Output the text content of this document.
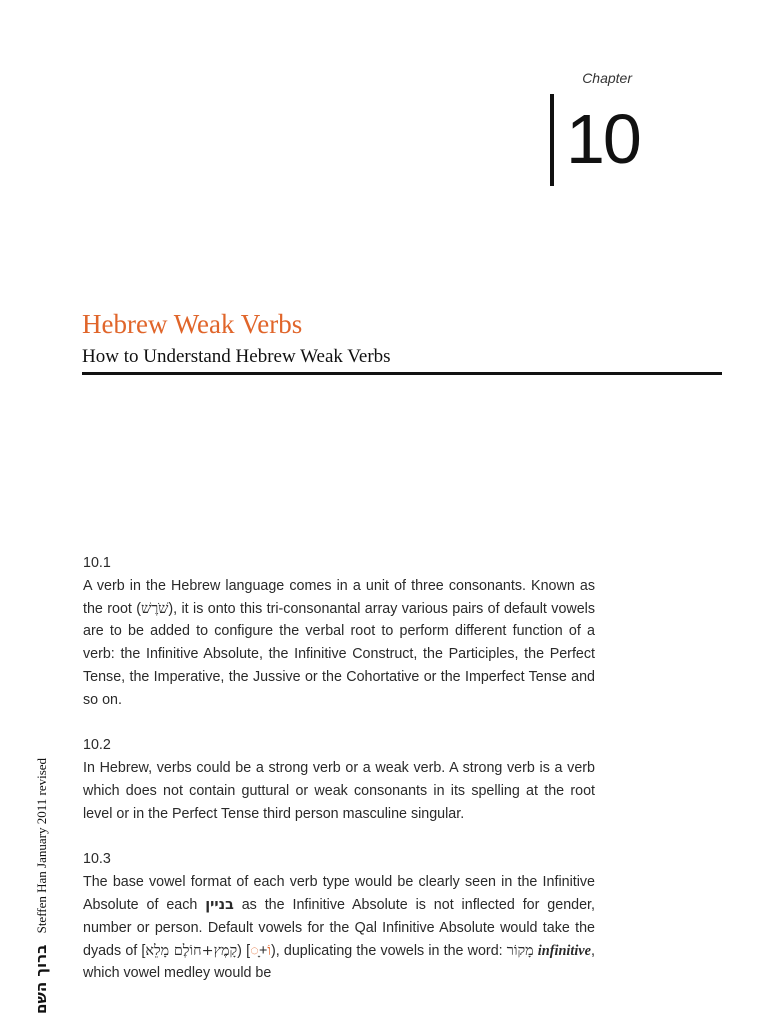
Chapter
10
Hebrew Weak Verbs
How to Understand Hebrew Weak Verbs
10.1
A verb in the Hebrew language comes in a unit of three consonants. Known as the root (שֹׁרֶשׁ), it is onto this tri-consonantal array various pairs of default vowels are to be added to configure the verbal root to perform different function of a verb: the Infinitive Absolute, the Infinitive Construct, the Participles, the Perfect Tense, the Imperative, the Jussive or the Cohortative or the Imperfect Tense and so on.
10.2
In Hebrew, verbs could be a strong verb or a weak verb. A strong verb is a verb which does not contain guttural or weak consonants in its spelling at the root level or in the Perfect Tense third person masculine singular.
10.3
The base vowel format of each verb type would be clearly seen in the Infinitive Absolute of each בניין as the Infinitive Absolute is not inflected for gender, number or person. Default vowels for the Qal Infinitive Absolute would take the dyads of [	וֹ+ָ◌] (קָמֶץ+חוֹלֶם מָלֵא ), duplicating the vowels in the word: מָקוֹר infinitive, which vowel medley would be
ברוך השם Steffen Han January 2011 revised
